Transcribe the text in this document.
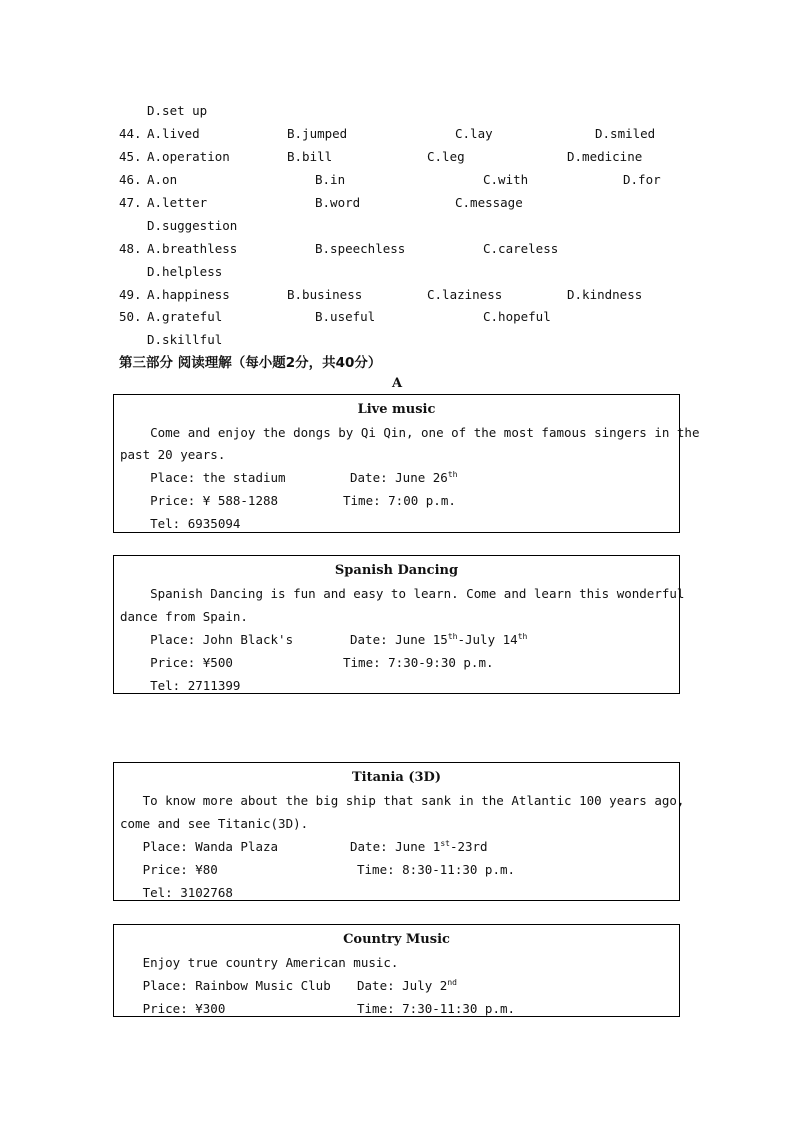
D.set up
44. A.lived	B.jumped	C.lay	D.smiled
45. A.operation	B.bill	C.leg	D.medicine
46. A.on	B.in	C.with	D.for
47. A.letter	B.word	C.message
D.suggestion
48. A.breathless	B.speechless	C.careless
D.helpless
49. A.happiness	B.business	C.laziness	D.kindness
50. A.grateful	B.useful	C.hopeful
D.skillful
第三部分 阅读理解（每小题2分，共40分）
A
Live music
Come and enjoy the dongs by Qi Qin, one of the most famous singers in the
past 20 years.
Place: the stadium	Date: June 26th
Price: ¥ 588-1288	Time: 7:00 p.m.
Tel: 6935094
Spanish Dancing
Spanish Dancing is fun and easy to learn. Come and learn this wonderful
dance from Spain.
Place: John Black's	Date: June 15th-July 14th
Price: ¥500	Time: 7:30-9:30 p.m.
Tel: 2711399
Titania (3D)
To know more about the big ship that sank in the Atlantic 100 years ago,
come and see Titanic(3D).
Place: Wanda Plaza	Date: June 1st-23rd
Price: ¥80	Time: 8:30-11:30 p.m.
Tel: 3102768
Country Music
Enjoy true country American music.
Place: Rainbow Music Club Date: July 2nd
Price: ¥300	Time: 7:30-11:30 p.m.
